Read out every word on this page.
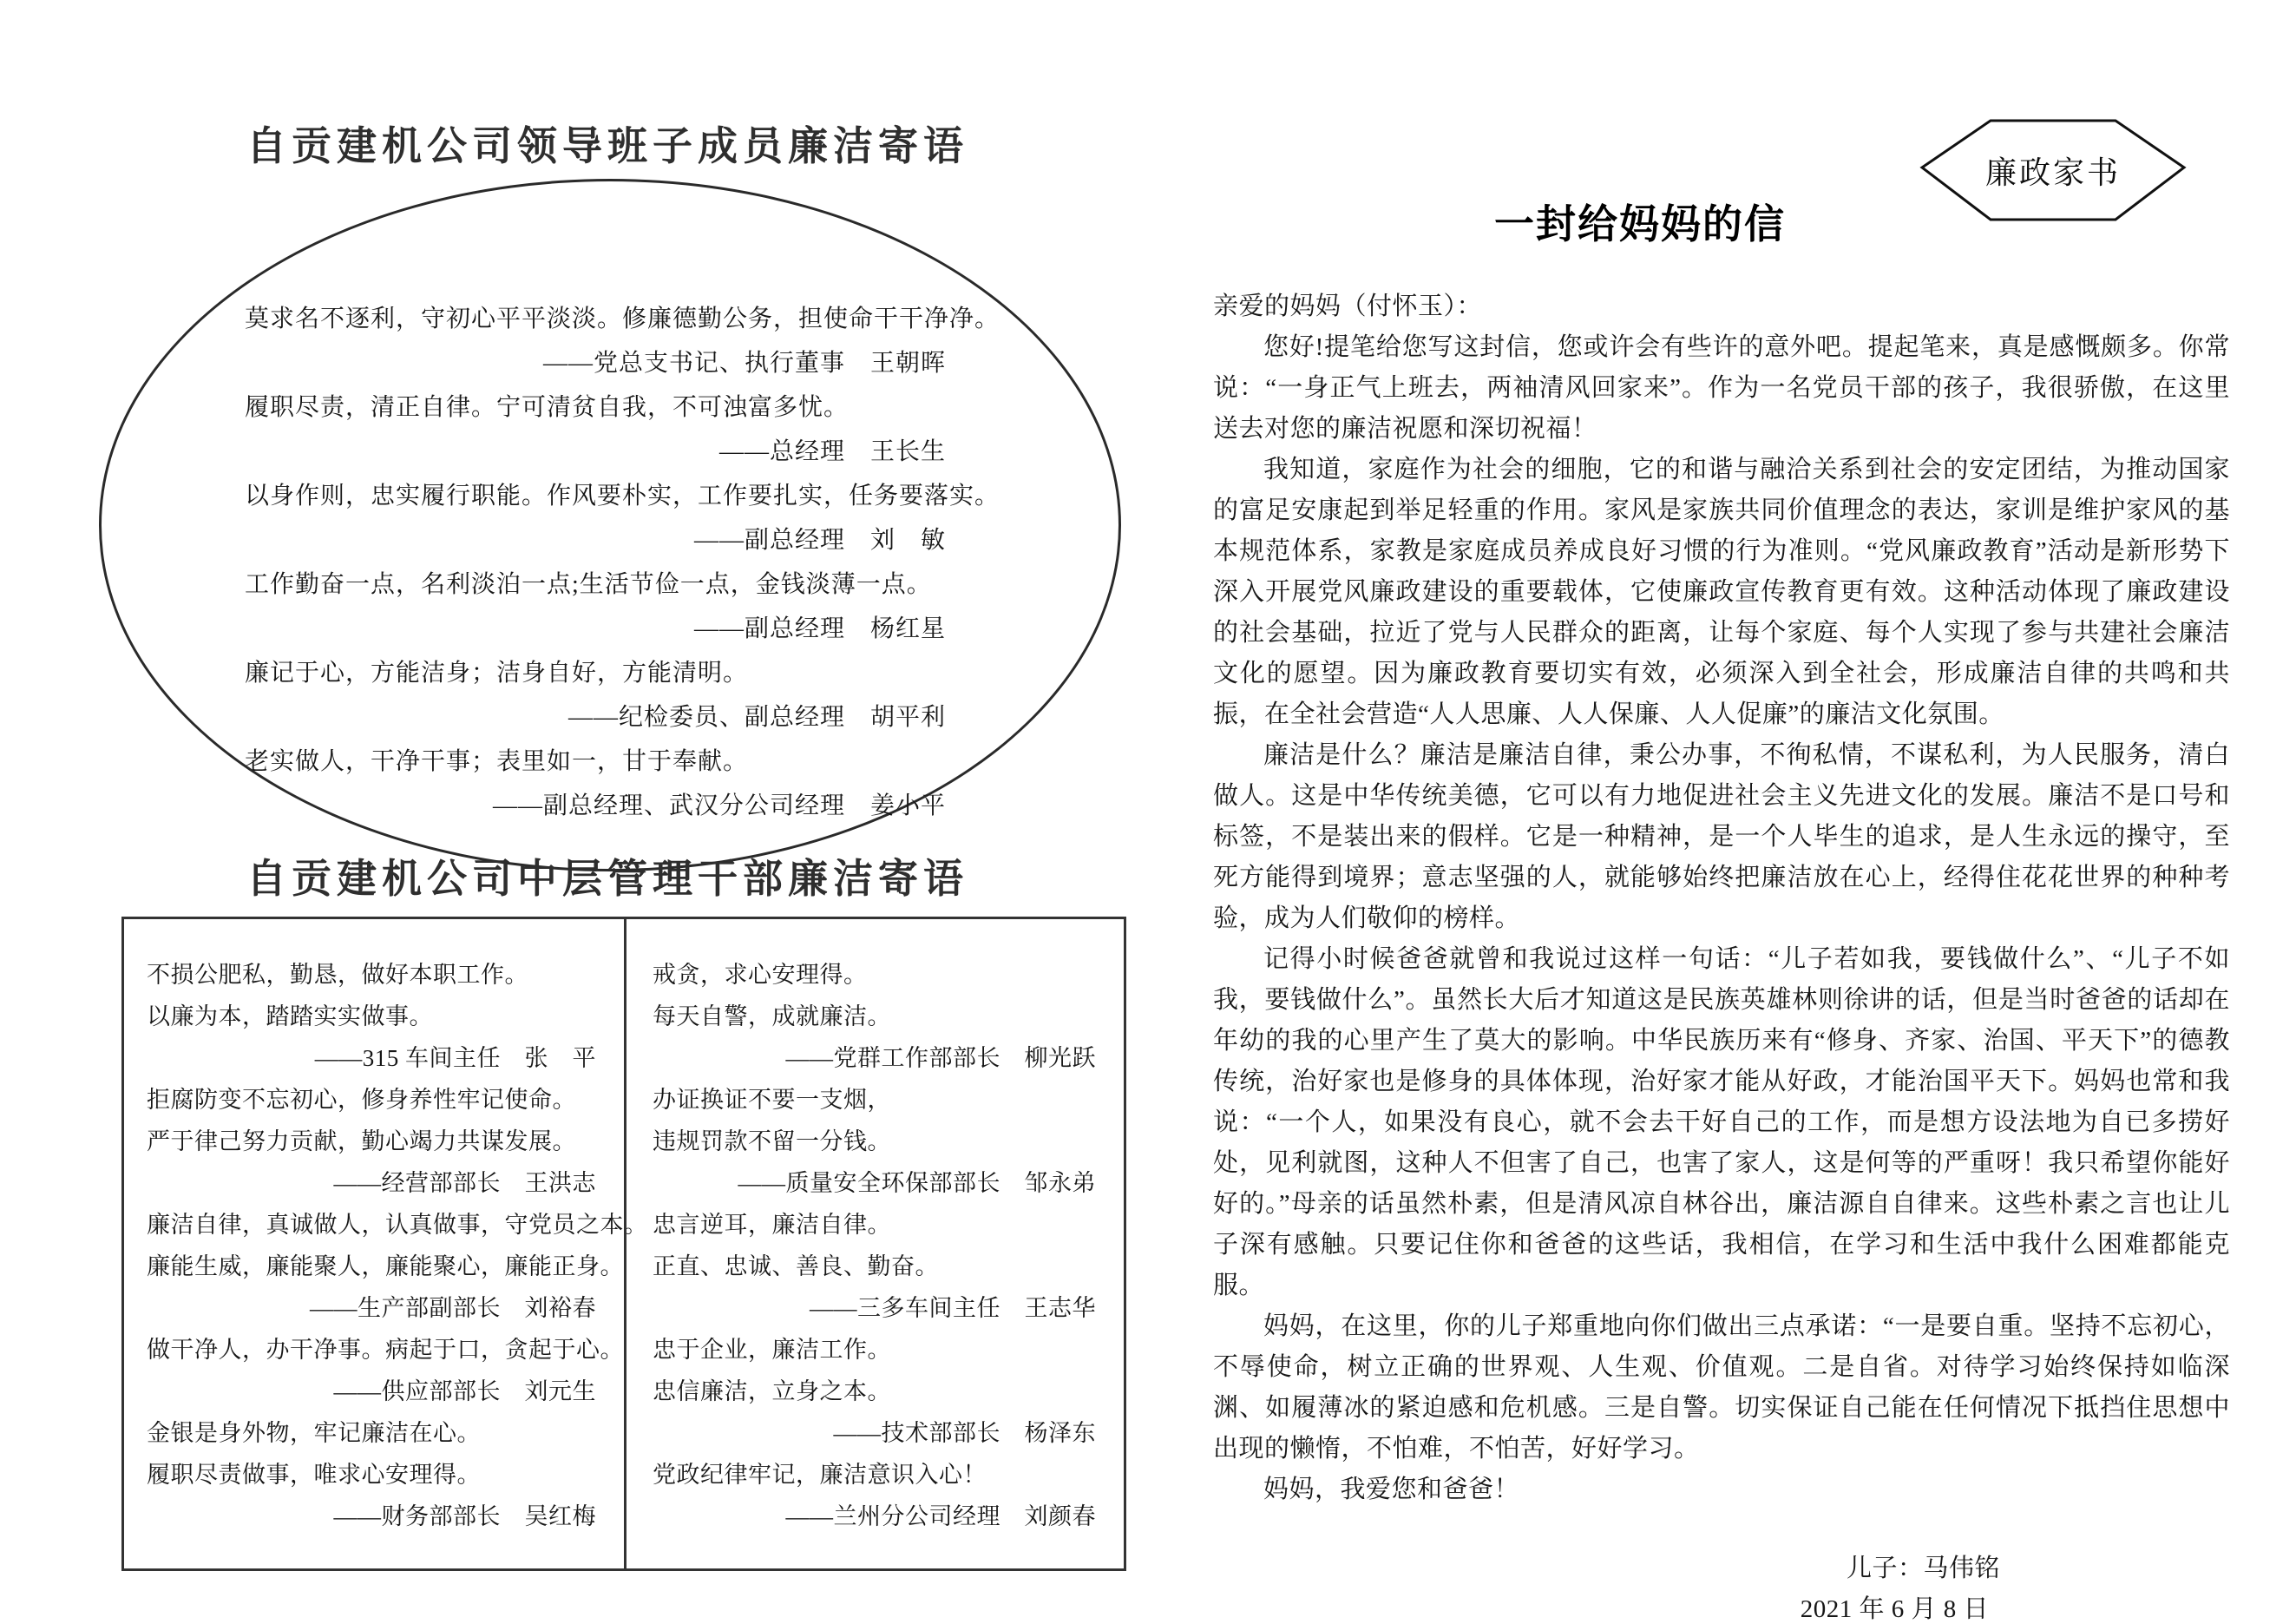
自贡建机公司领导班子成员廉洁寄语
莫求名不逐利，守初心平平淡淡。修廉德勤公务，担使命干干净净。
——党总支书记、执行董事　王朝晖
履职尽责，清正自律。宁可清贫自我，不可浊富多忧。
——总经理　王长生
以身作则，忠实履行职能。作风要朴实，工作要扎实，任务要落实。
——副总经理　刘　敏
工作勤奋一点，名利淡泊一点;生活节俭一点，金钱淡薄一点。
——副总经理　杨红星
廉记于心，方能洁身；洁身自好，方能清明。
——纪检委员、副总经理　胡平利
老实做人，干净干事；表里如一，甘于奉献。
——副总经理、武汉分公司经理　姜小平
自贡建机公司中层管理干部廉洁寄语
不损公肥私，勤恳，做好本职工作。
以廉为本，踏踏实实做事。
——315 车间主任　张　平
拒腐防变不忘初心，修身养性牢记使命。
严于律己努力贡献，勤心竭力共谋发展。
——经营部部长　王洪志
廉洁自律，真诚做人，认真做事，守党员之本。
廉能生威，廉能聚人，廉能聚心，廉能正身。
——生产部副部长　刘裕春
做干净人，办干净事。病起于口，贪起于心。
——供应部部长　刘元生
金银是身外物，牢记廉洁在心。
履职尽责做事，唯求心安理得。
——财务部部长　吴红梅
戒贪，求心安理得。
每天自警，成就廉洁。
——党群工作部部长　柳光跃
办证换证不要一支烟，
违规罚款不留一分钱。
——质量安全环保部部长　邹永弟
忠言逆耳，廉洁自律。
正直、忠诚、善良、勤奋。
——三多车间主任　王志华
忠于企业，廉洁工作。
忠信廉洁，立身之本。
——技术部部长　杨泽东
党政纪律牢记，廉洁意识入心！
——兰州分公司经理　刘颜春
廉政家书
一封给妈妈的信
亲爱的妈妈（付怀玉）：
您好!提笔给您写这封信，您或许会有些许的意外吧。提起笔来，真是感慨颇多。你常说：“一身正气上班去，两袖清风回家来”。作为一名党员干部的孩子，我很骄傲，在这里送去对您的廉洁祝愿和深切祝福！
我知道，家庭作为社会的细胞，它的和谐与融洽关系到社会的安定团结，为推动国家的富足安康起到举足轻重的作用。家风是家族共同价值理念的表达，家训是维护家风的基本规范体系，家教是家庭成员养成良好习惯的行为准则。“党风廉政教育”活动是新形势下深入开展党风廉政建设的重要载体，它使廉政宣传教育更有效。这种活动体现了廉政建设的社会基础，拉近了党与人民群众的距离，让每个家庭、每个人实现了参与共建社会廉洁文化的愿望。因为廉政教育要切实有效，必须深入到全社会，形成廉洁自律的共鸣和共振，在全社会营造“人人思廉、人人保廉、人人促廉”的廉洁文化氛围。
廉洁是什么？廉洁是廉洁自律，秉公办事，不徇私情，不谋私利，为人民服务，清白做人。这是中华传统美德，它可以有力地促进社会主义先进文化的发展。廉洁不是口号和标签，不是装出来的假样。它是一种精神，是一个人毕生的追求，是人生永远的操守，至死方能得到境界；意志坚强的人，就能够始终把廉洁放在心上，经得住花花世界的种种考验，成为人们敬仰的榜样。
记得小时候爸爸就曾和我说过这样一句话：“儿子若如我，要钱做什么”、“儿子不如我，要钱做什么”。虽然长大后才知道这是民族英雄林则徐讲的话，但是当时爸爸的话却在年幼的我的心里产生了莫大的影响。中华民族历来有“修身、齐家、治国、平天下”的德教传统，治好家也是修身的具体体现，治好家才能从好政，才能治国平天下。妈妈也常和我说：“一个人，如果没有良心，就不会去干好自己的工作，而是想方设法地为自已多捞好处，见利就图，这种人不但害了自己，也害了家人，这是何等的严重呀！我只希望你能好好的。”母亲的话虽然朴素，但是清风凉自林谷出，廉洁源自自律来。这些朴素之言也让儿子深有感触。只要记住你和爸爸的这些话，我相信，在学习和生活中我什么困难都能克服。
妈妈，在这里，你的儿子郑重地向你们做出三点承诺：“一是要自重。坚持不忘初心，不辱使命，树立正确的世界观、人生观、价值观。二是自省。对待学习始终保持如临深渊、如履薄冰的紧迫感和危机感。三是自警。切实保证自己能在任何情况下抵挡住思想中出现的懒惰，不怕难，不怕苦，好好学习。
妈妈，我爱您和爸爸！
儿子：马伟铭
2021 年 6 月 8 日
